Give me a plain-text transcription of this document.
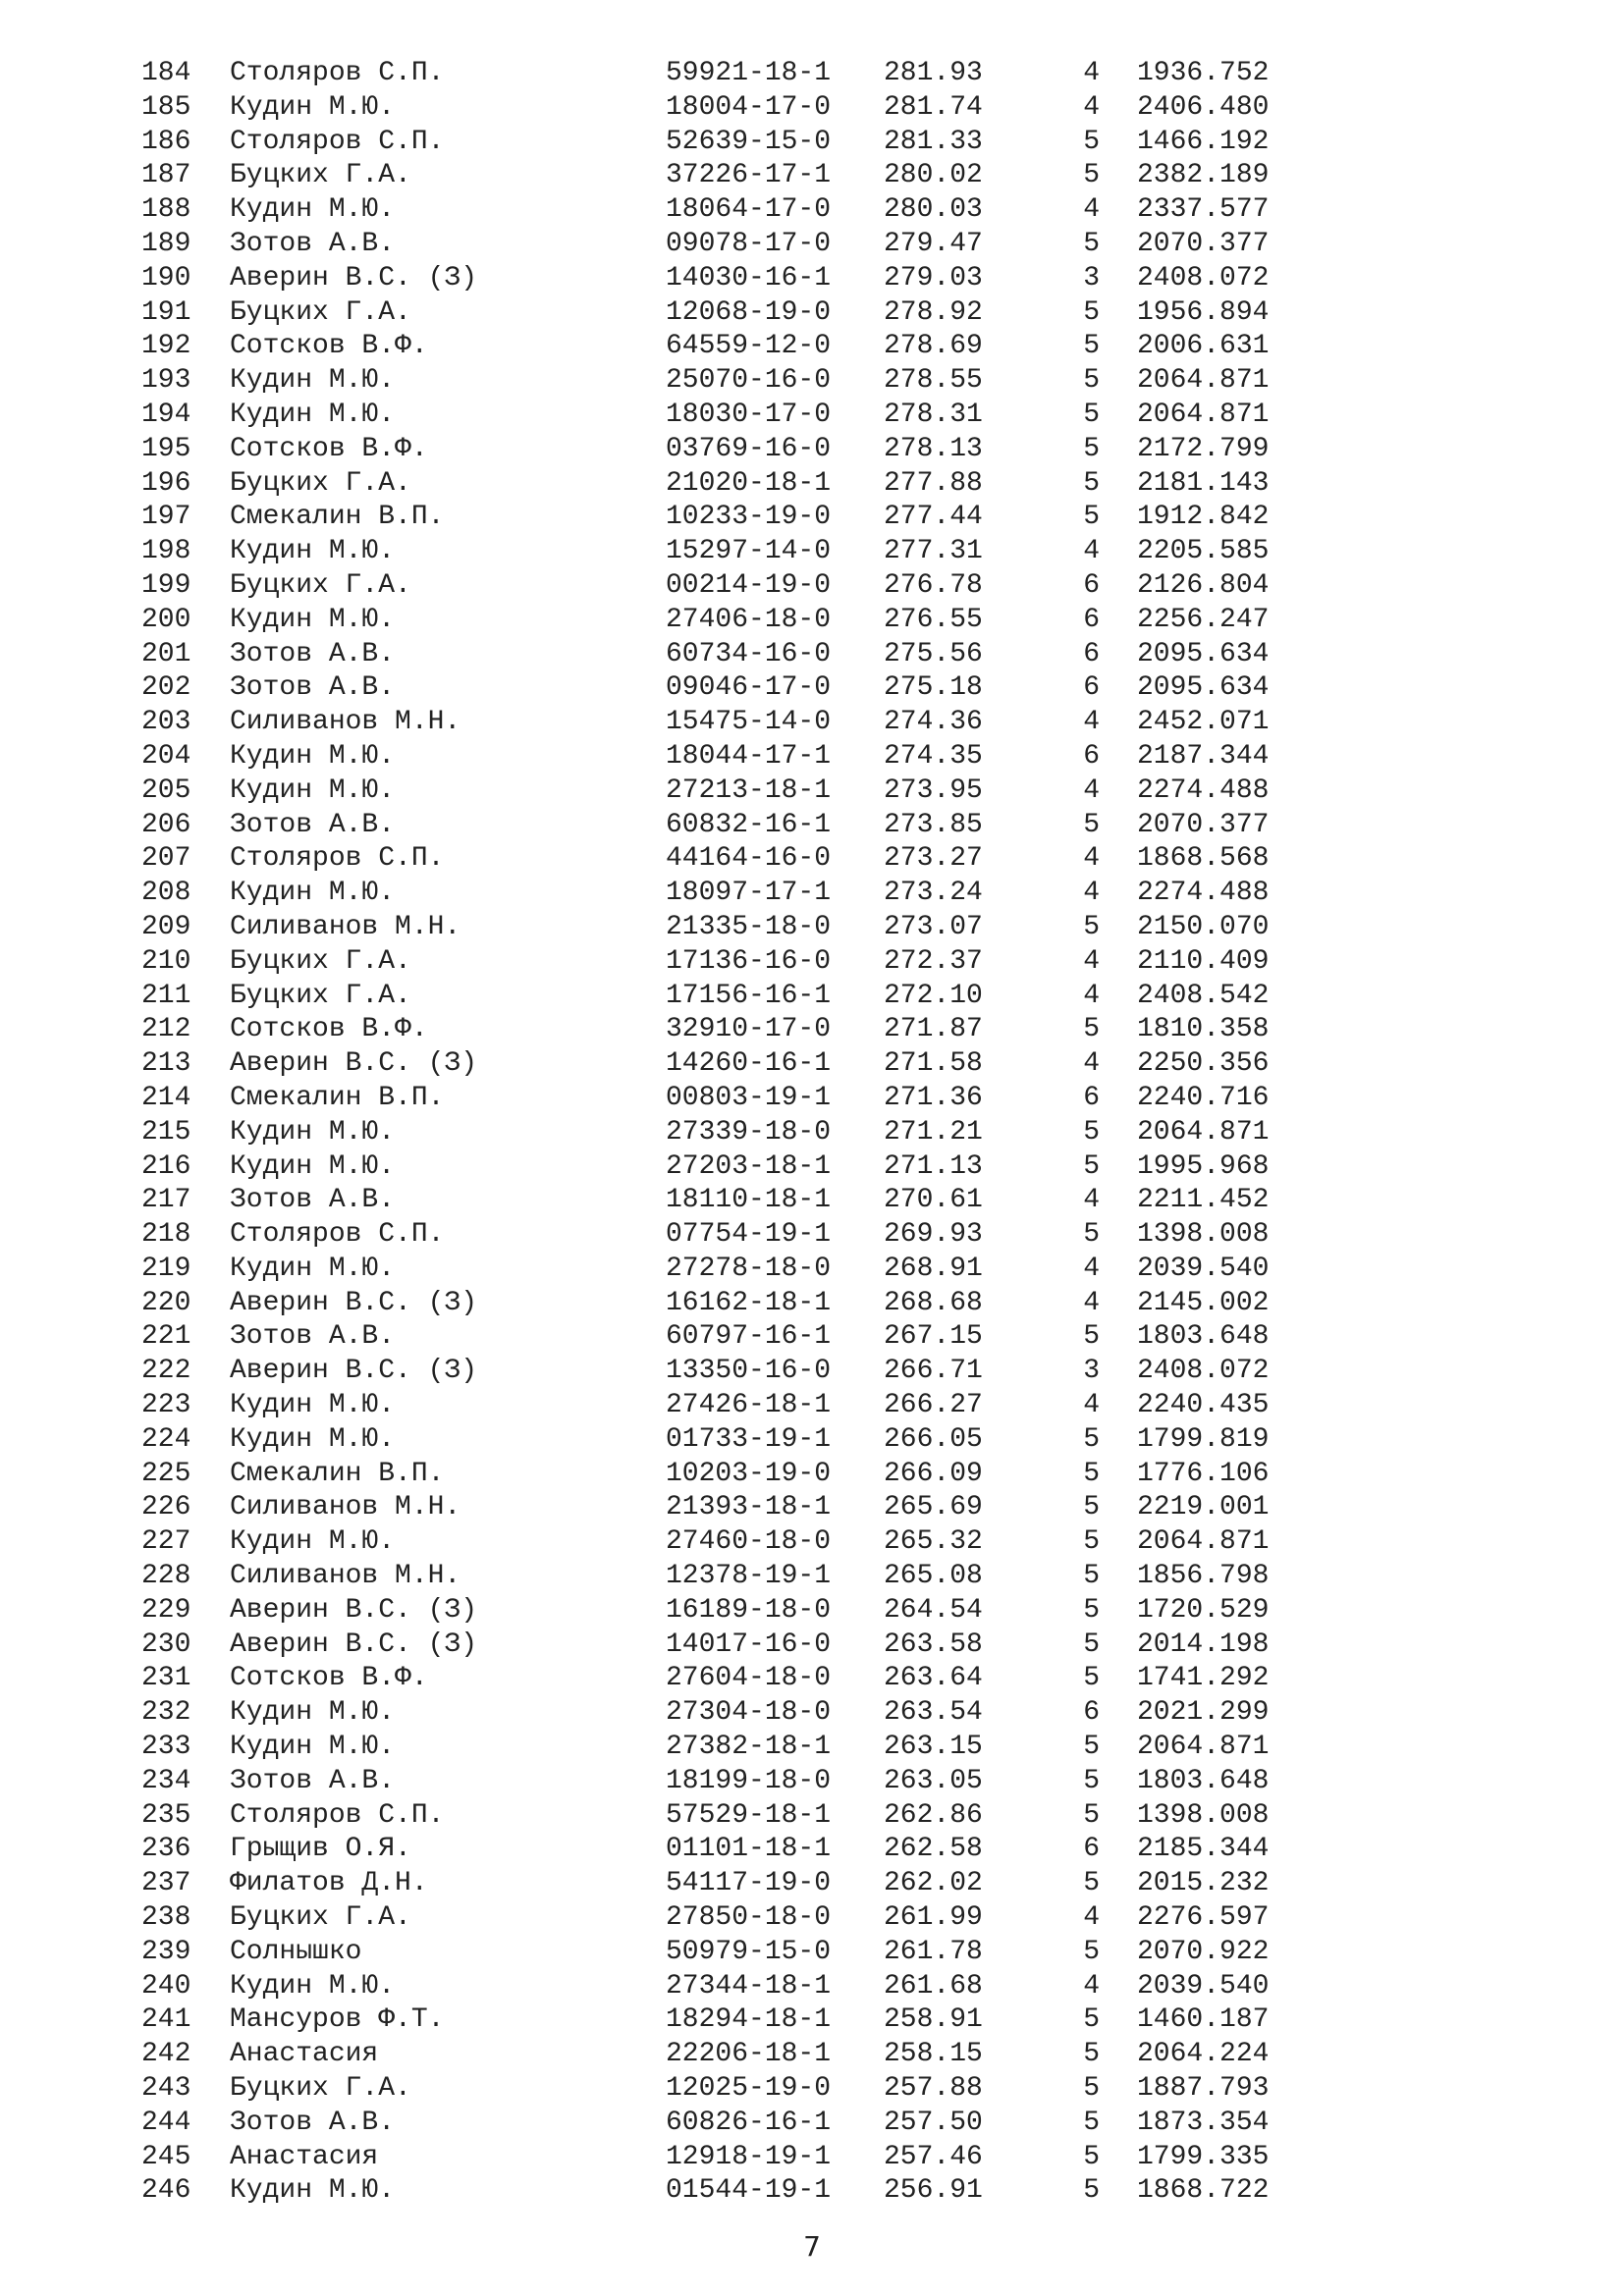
184 Столяров С.П.	59921-18-1 281.93	4 1936.752
185 Кудин М.Ю.	18004-17-0 281.74	4 2406.480
186 Столяров С.П.	52639-15-0 281.33	5 1466.192
187 Буцких Г.А.	37226-17-1 280.02	5 2382.189
188 Кудин М.Ю.	18064-17-0 280.03	4 2337.577
189 Зотов А.В.	09078-17-0 279.47	5 2070.377
190 Аверин В.С. (З)	14030-16-1 279.03	3 2408.072
191 Буцких Г.А.	12068-19-0 278.92	5 1956.894
192 Сотсков В.Ф.	64559-12-0 278.69	5 2006.631
193 Кудин М.Ю.	25070-16-0 278.55	5 2064.871
194 Кудин М.Ю.	18030-17-0 278.31	5 2064.871
195 Сотсков В.Ф.	03769-16-0 278.13	5 2172.799
196 Буцких Г.А.	21020-18-1 277.88	5 2181.143
197 Смекалин В.П.	10233-19-0 277.44	5 1912.842
198 Кудин М.Ю.	15297-14-0 277.31	4 2205.585
199 Буцких Г.А.	00214-19-0 276.78	6 2126.804
200 Кудин М.Ю.	27406-18-0 276.55	6 2256.247
201 Зотов А.В.	60734-16-0 275.56	6 2095.634
202 Зотов А.В.	09046-17-0 275.18	6 2095.634
203 Силиванов М.Н.	15475-14-0 274.36	4 2452.071
204 Кудин М.Ю.	18044-17-1 274.35	6 2187.344
205 Кудин М.Ю.	27213-18-1 273.95	4 2274.488
206 Зотов А.В.	60832-16-1 273.85	5 2070.377
207 Столяров С.П.	44164-16-0 273.27	4 1868.568
208 Кудин М.Ю.	18097-17-1 273.24	4 2274.488
209 Силиванов М.Н.	21335-18-0 273.07	5 2150.070
210 Буцких Г.А.	17136-16-0 272.37	4 2110.409
211 Буцких Г.А.	17156-16-1 272.10	4 2408.542
212 Сотсков В.Ф.	32910-17-0 271.87	5 1810.358
213 Аверин В.С. (З)	14260-16-1 271.58	4 2250.356
214 Смекалин В.П.	00803-19-1 271.36	6 2240.716
215 Кудин М.Ю.	27339-18-0 271.21	5 2064.871
216 Кудин М.Ю.	27203-18-1 271.13	5 1995.968
217 Зотов А.В.	18110-18-1 270.61	4 2211.452
218 Столяров С.П.	07754-19-1 269.93	5 1398.008
219 Кудин М.Ю.	27278-18-0 268.91	4 2039.540
220 Аверин В.С. (З)	16162-18-1 268.68	4 2145.002
221 Зотов А.В.	60797-16-1 267.15	5 1803.648
222 Аверин В.С. (З)	13350-16-0 266.71	3 2408.072
223 Кудин М.Ю.	27426-18-1 266.27	4 2240.435
224 Кудин М.Ю.	01733-19-1 266.05	5 1799.819
225 Смекалин В.П.	10203-19-0 266.09	5 1776.106
226 Силиванов М.Н.	21393-18-1 265.69	5 2219.001
227 Кудин М.Ю.	27460-18-0 265.32	5 2064.871
228 Силиванов М.Н.	12378-19-1 265.08	5 1856.798
229 Аверин В.С. (З)	16189-18-0 264.54	5 1720.529
230 Аверин В.С. (З)	14017-16-0 263.58	5 2014.198
231 Сотсков В.Ф.	27604-18-0 263.64	5 1741.292
232 Кудин М.Ю.	27304-18-0 263.54	6 2021.299
233 Кудин М.Ю.	27382-18-1 263.15	5 2064.871
234 Зотов А.В.	18199-18-0 263.05	5 1803.648
235 Столяров С.П.	57529-18-1 262.86	5 1398.008
236 Грыщив О.Я.	01101-18-1 262.58	6 2185.344
237 Филатов Д.Н.	54117-19-0 262.02	5 2015.232
238 Буцких Г.А.	27850-18-0 261.99	4 2276.597
239 Солнышко	50979-15-0 261.78	5 2070.922
240 Кудин М.Ю.	27344-18-1 261.68	4 2039.540
241 Мансуров Ф.Т.	18294-18-1 258.91	5 1460.187
242 Анастасия	22206-18-1 258.15	5 2064.224
243 Буцких Г.А.	12025-19-0 257.88	5 1887.793
244 Зотов А.В.	60826-16-1 257.50	5 1873.354
245 Анастасия	12918-19-1 257.46	5 1799.335
246 Кудин М.Ю.	01544-19-1 256.91	5 1868.722
7
